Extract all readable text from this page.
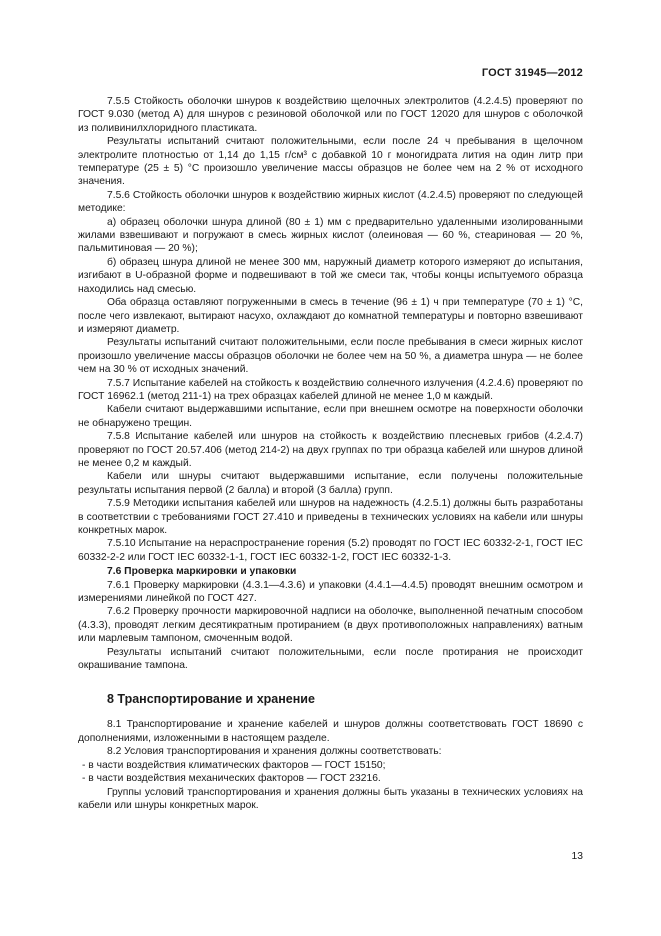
ГОСТ 31945—2012

7.5.5 Стойкость оболочки шнуров к воздействию щелочных электролитов (4.2.4.5) проверяют по ГОСТ 9.030 (метод А) для шнуров с резиновой оболочкой или по ГОСТ 12020 для шнуров с оболочкой из поливинилхлоридного пластиката.

Результаты испытаний считают положительными, если после 24 ч пребывания в щелочном электролите плотностью от 1,14 до 1,15 г/см³ с добавкой 10 г моногидрата лития на один литр при температуре (25 ± 5) °С произошло увеличение массы образцов не более чем на 2 % от исходного значения.

7.5.6 Стойкость оболочки шнуров к воздействию жирных кислот (4.2.4.5) проверяют по следующей методике:

а) образец оболочки шнура длиной (80 ± 1) мм с предварительно удаленными изолированными жилами взвешивают и погружают в смесь жирных кислот (олеиновая — 60 %, стеариновая — 20 %, пальмитиновая — 20 %);

б) образец шнура длиной не менее 300 мм, наружный диаметр которого измеряют до испытания, изгибают в U-образной форме и подвешивают в той же смеси так, чтобы концы испытуемого образца находились над смесью.

Оба образца оставляют погруженными в смесь в течение (96 ± 1) ч при температуре (70 ± 1) °С, после чего извлекают, вытирают насухо, охлаждают до комнатной температуры и повторно взвешивают и измеряют диаметр.

Результаты испытаний считают положительными, если после пребывания в смеси жирных кислот произошло увеличение массы образцов оболочки не более чем на 50 %, а диаметра шнура — не более чем на 30 % от исходных значений.

7.5.7 Испытание кабелей на стойкость к воздействию солнечного излучения (4.2.4.6) проверяют по ГОСТ 16962.1 (метод 211-1) на трех образцах кабелей длиной не менее 1,0 м каждый.

Кабели считают выдержавшими испытание, если при внешнем осмотре на поверхности оболочки не обнаружено трещин.

7.5.8 Испытание кабелей или шнуров на стойкость к воздействию плесневых грибов (4.2.4.7) проверяют по ГОСТ 20.57.406 (метод 214-2) на двух группах по три образца кабелей или шнуров длиной не менее 0,2 м каждый.

Кабели или шнуры считают выдержавшими испытание, если получены положительные результаты испытания первой (2 балла) и второй (3 балла) групп.

7.5.9 Методики испытания кабелей или шнуров на надежность (4.2.5.1) должны быть разработаны в соответствии с требованиями ГОСТ 27.410 и приведены в технических условиях на кабели или шнуры конкретных марок.

7.5.10 Испытание на нераспространение горения (5.2) проводят по ГОСТ IEC 60332-2-1, ГОСТ IEC 60332-2-2 или ГОСТ IEC 60332-1-1, ГОСТ IEC 60332-1-2, ГОСТ IEC 60332-1-3.

7.6 Проверка маркировки и упаковки

7.6.1 Проверку маркировки (4.3.1—4.3.6) и упаковки (4.4.1—4.4.5) проводят внешним осмотром и измерениями линейкой по ГОСТ 427.

7.6.2 Проверку прочности маркировочной надписи на оболочке, выполненной печатным способом (4.3.3), проводят легким десятикратным протиранием (в двух противоположных направлениях) ватным или марлевым тампоном, смоченным водой.

Результаты испытаний считают положительными, если после протирания не происходит окрашивание тампона.

8 Транспортирование и хранение

8.1 Транспортирование и хранение кабелей и шнуров должны соответствовать ГОСТ 18690 с дополнениями, изложенными в настоящем разделе.

8.2 Условия транспортирования и хранения должны соответствовать:

- в части воздействия климатических факторов — ГОСТ 15150;

- в части воздействия механических факторов — ГОСТ 23216.

Группы условий транспортирования и хранения должны быть указаны в технических условиях на кабели или шнуры конкретных марок.

13
